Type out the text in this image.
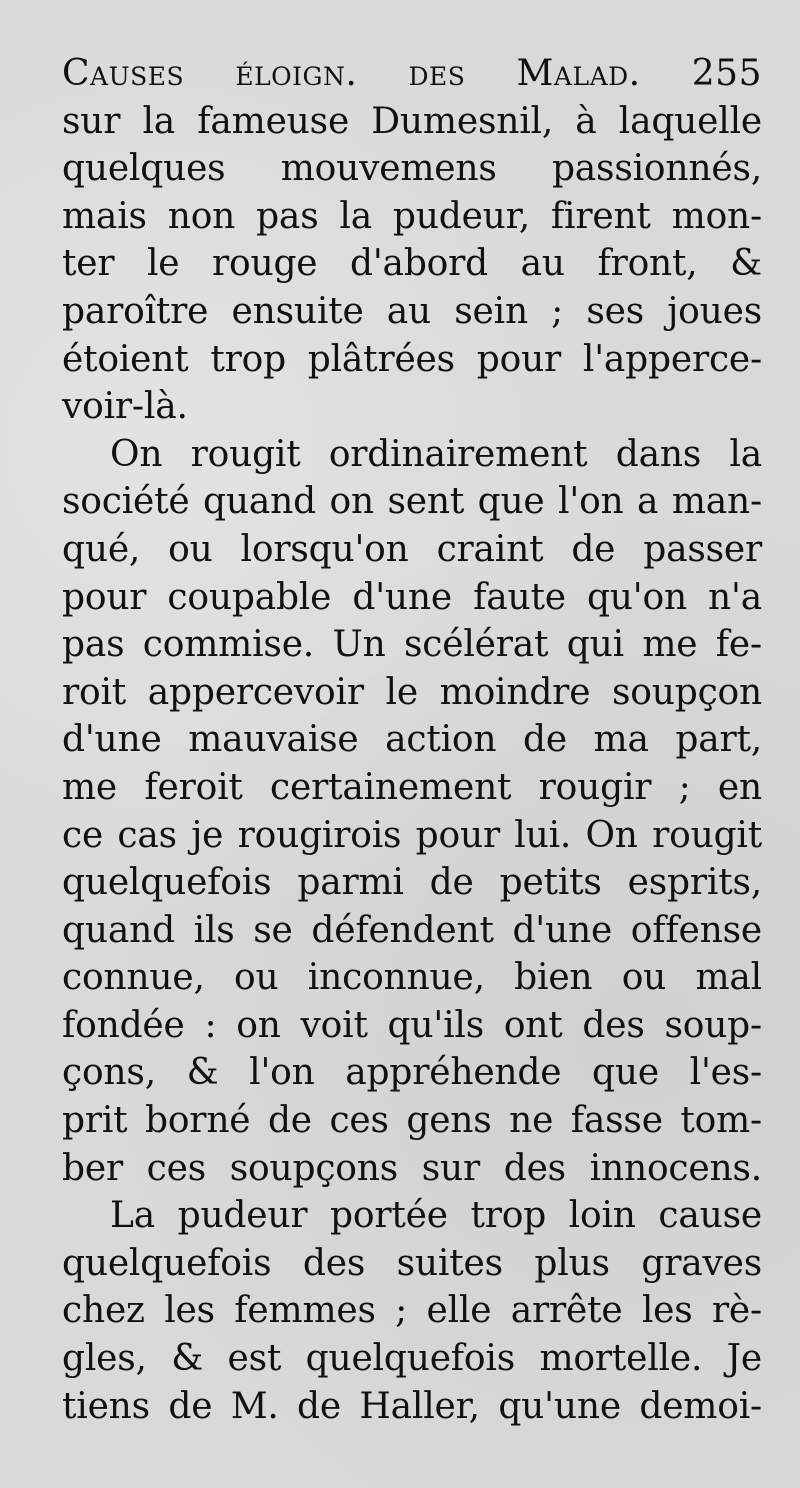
Causes éloign. des Malad. 255
sur la fameuse Dumesnil, à laquelle
quelques mouvemens passionnés,
mais non pas la pudeur, firent mon-
ter le rouge d'abord au front, &
paroître ensuite au sein ; ses joues
étoient trop plâtrées pour l'apperce-
voir-là.
On rougit ordinairement dans la
société quand on sent que l'on a man-
qué, ou lorsqu'on craint de passer
pour coupable d'une faute qu'on n'a
pas commise. Un scélérat qui me fe-
roit appercevoir le moindre soupçon
d'une mauvaise action de ma part,
me feroit certainement rougir ; en
ce cas je rougirois pour lui. On rougit
quelquefois parmi de petits esprits,
quand ils se défendent d'une offense
connue, ou inconnue, bien ou mal
fondée : on voit qu'ils ont des soup-
çons, & l'on appréhende que l'es-
prit borné de ces gens ne fasse tom-
ber ces soupçons sur des innocens.
La pudeur portée trop loin cause
quelquefois des suites plus graves
chez les femmes ; elle arrête les rè-
gles, & est quelquefois mortelle. Je
tiens de M. de Haller, qu'une demoi-
